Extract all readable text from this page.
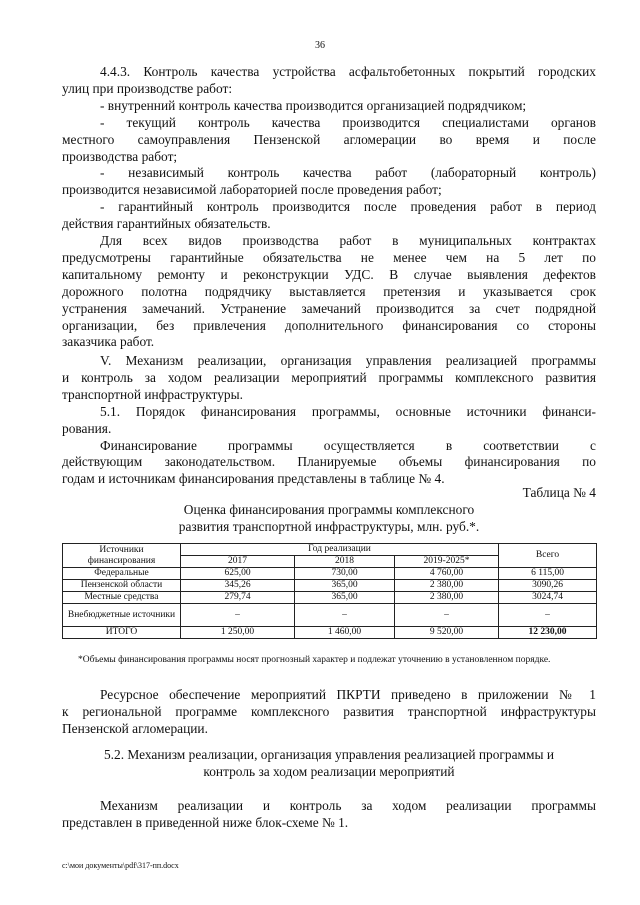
36
4.4.3. Контроль качества устройства асфальтобетонных покрытий городских
улиц при производстве работ:
- внутренний контроль качества производится организацией подрядчиком;
- текущий контроль качества производится специалистами органов
местного самоуправления Пензенской агломерации во время и после
производства работ;
- независимый контроль качества работ (лабораторный контроль)
производится независимой лабораторией после проведения работ;
- гарантийный контроль производится после проведения работ в период
действия гарантийных обязательств.
Для всех видов производства работ в муниципальных контрактах
предусмотрены гарантийные обязательства не менее чем на 5 лет по
капитальному ремонту и реконструкции УДС. В случае выявления дефектов
дорожного полотна подрядчику выставляется претензия и указывается срок
устранения замечаний. Устранение замечаний производится за счет подрядной
организации, без привлечения дополнительного финансирования со стороны
заказчика работ.
V. Механизм реализации, организация управления реализацией программы
и контроль за ходом реализации мероприятий программы комплексного развития
транспортной инфраструктуры.
5.1. Порядок финансирования программы, основные источники финанси-
рования.
Финансирование программы осуществляется в соответствии с
действующим законодательством. Планируемые объемы финансирования по
годам и источникам финансирования представлены в таблице № 4.
Таблица № 4
Оценка финансирования программы комплексного
развития транспортной инфраструктуры, млн. руб.*.
Источники финансирования	Год реализации			Всего
	2017	2018	2019-2025*	
Федеральные	625,00	730,00	4 760,00	6 115,00
Пензенской области	345,26	365,00	2 380,00	3090,26
Местные средства	279,74	365,00	2 380,00	3024,74
Внебюджетные источники	–	–	–	–
ИТОГО	1 250,00	1 460,00	9 520,00	12 230,00
*Объемы финансирования программы носят прогнозный характер и подлежат уточнению в установленном порядке.
Ресурсное обеспечение мероприятий ПКРТИ приведено в приложении № 1
к региональной программе комплексного развития транспортной инфраструктуры
Пензенской агломерации.
5.2. Механизм реализации, организация управления реализацией программы и
контроль за ходом реализации мероприятий
Механизм реализации и контроль за ходом реализации программы
представлен в приведенной ниже блок-схеме № 1.
c:\мои документы\pdf\317-пп.docx
